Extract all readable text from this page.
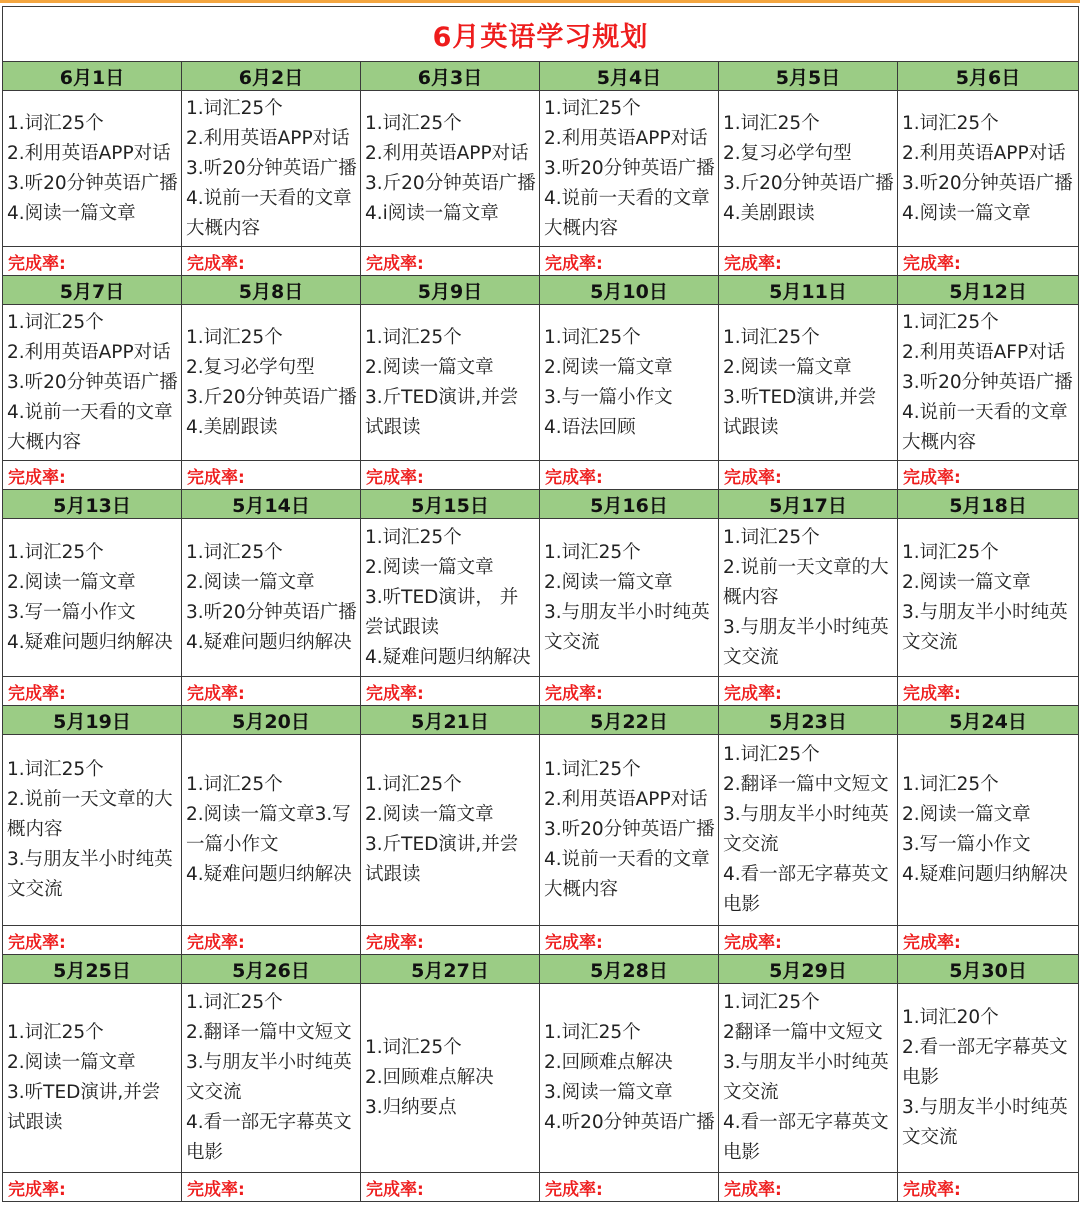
6月英语学习规划					
6月1日	6月2日	6月3日	5月4日	5月5日	5月6日

1.词汇25个
2.利用英语APP对话
3.听20分钟英语广播
4.阅读一篇文章	1.词汇25个
2.利用英语APP对话
3.听20分钟英语广播
4.说前一天看的文章大概内容	1.词汇25个
2.利用英语APP对话
3.斤20分钟英语广播
4.i阅读一篇文章	1.词汇25个
2.利用英语APP对话
3.听20分钟英语广播
4.说前一天看的文章大概内容	1.词汇25个
2.复习必学句型
3.斤20分钟英语广播
4.美剧跟读	1.词汇25个
2.利用英语APP对话
3.听20分钟英语广播
4.阅读一篇文章

完成率:	完成率:	完成率:	完成率:	完成率:	完成率:
5月7日	5月8日	5月9日	5月10日	5月11日	5月12日

1.词汇25个
2.利用英语APP对话
3.听20分钟英语广播
4.说前一天看的文章大概内容	1.词汇25个
2.复习必学句型
3.斤20分钟英语广播
4.美剧跟读	1.词汇25个
2.阅读一篇文章
3.斤TED演讲,并尝试跟读	1.词汇25个
2.阅读一篇文章
3.与一篇小作文
4.语法回顾	1.词汇25个
2.阅读一篇文章
3.听TED演讲,并尝试跟读	1.词汇25个
2.利用英语AFP对话
3.听20分钟英语广播
4.说前一天看的文章大概内容

完成率:	完成率:	完成率:	完成率:	完成率:	完成率:
5月13日	5月14日	5月15日	5月16日	5月17日	5月18日

1.词汇25个
2.阅读一篇文章
3.写一篇小作文
4.疑难问题归纳解决	1.词汇25个
2.阅读一篇文章
3.听20分钟英语广播
4.疑难问题归纳解决	1.词汇25个
2.阅读一篇文章
3.听TED演讲， 并尝试跟读
4.疑难问题归纳解决	1.词汇25个
2.阅读一篇文章
3.与朋友半小时纯英文交流	1.词汇25个
2.说前一天文章的大概内容
3.与朋友半小时纯英文交流	1.词汇25个
2.阅读一篇文章
3.与朋友半小时纯英文交流

完成率:	完成率:	完成率:	完成率:	完成率:	完成率:
5月19日	5月20日	5月21日	5月22日	5月23日	5月24日

1.词汇25个
2.说前一天文章的大概内容
3.与朋友半小时纯英文交流	1.词汇25个
2.阅读一篇文章3.写一篇小作文
4.疑难问题归纳解决	1.词汇25个
2.阅读一篇文章
3.斤TED演讲,并尝试跟读	1.词汇25个
2.利用英语APP对话
3.听20分钟英语广播
4.说前一天看的文章大概内容	1.词汇25个
2.翻译一篇中文短文
3.与朋友半小时纯英文交流
4.看一部无字幕英文电影	1.词汇25个
2.阅读一篇文章
3.写一篇小作文
4.疑难问题归纳解决

完成率:	完成率:	完成率:	完成率:	完成率:	完成率:
5月25日	5月26日	5月27日	5月28日	5月29日	5月30日

1.词汇25个
2.阅读一篇文章
3.听TED演讲,并尝试跟读	1.词汇25个
2.翻译一篇中文短文
3.与朋友半小时纯英文交流
4.看一部无字幕英文电影	1.词汇25个
2.回顾难点解决
3.归纳要点	1.词汇25个
2.回顾难点解决
3.阅读一篇文章
4.听20分钟英语广播	1.词汇25个
2翻译一篇中文短文
3.与朋友半小时纯英文交流
4.看一部无字幕英文电影	1.词汇20个
2.看一部无字幕英文电影
3.与朋友半小时纯英文交流

完成率:	完成率:	完成率:	完成率:	完成率:	完成率:
